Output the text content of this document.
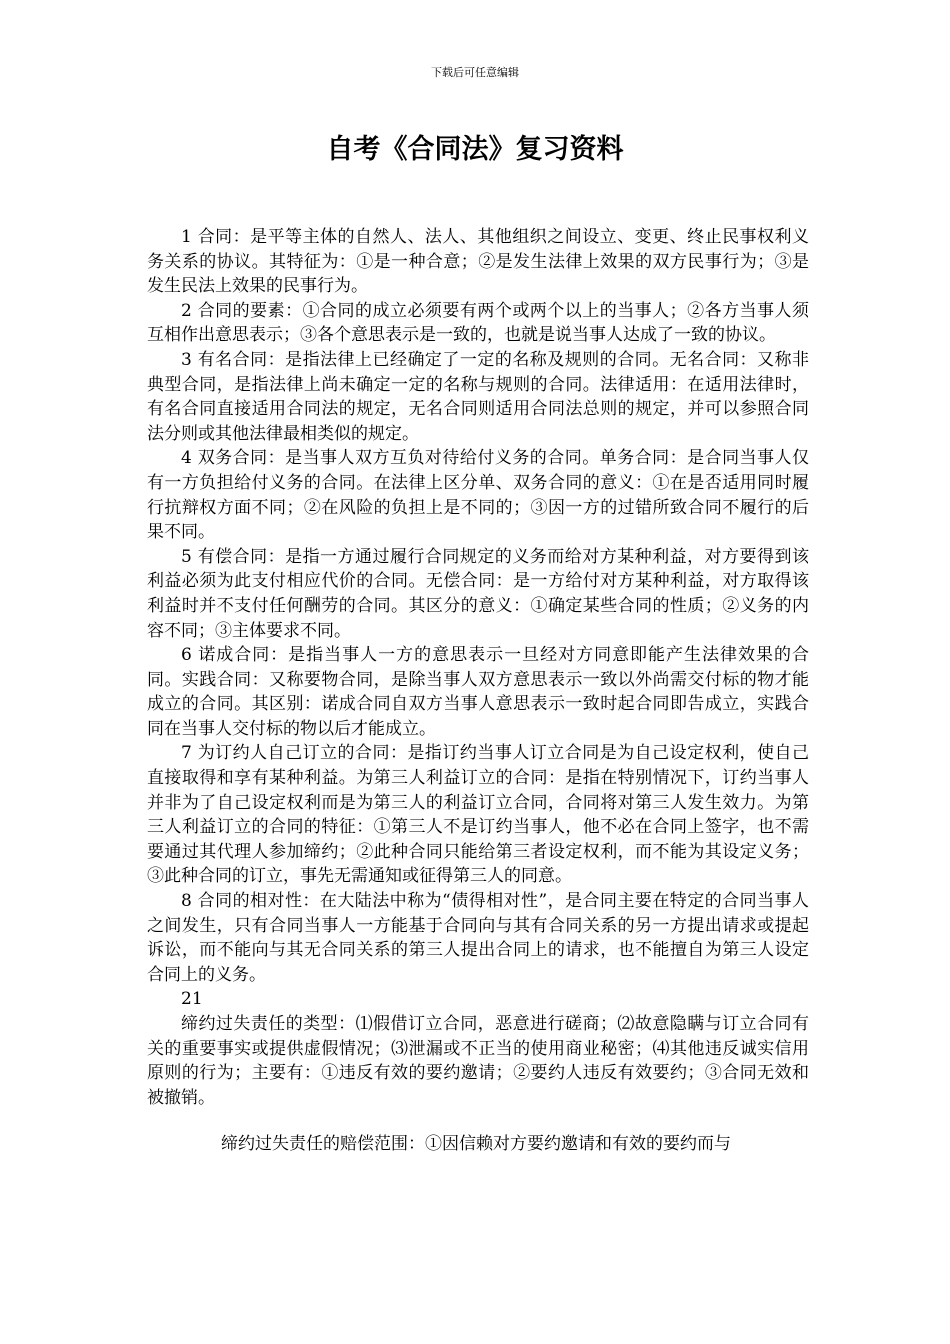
下载后可任意编辑
自考《合同法》复习资料

1 合同：是平等主体的自然人、法人、其他组织之间设立、变更、终止民事权利义务关系的协议。其特征为：①是一种合意；②是发生法律上效果的双方民事行为；③是发生民法上效果的民事行为。

2 合同的要素：①合同的成立必须要有两个或两个以上的当事人；②各方当事人须互相作出意思表示；③各个意思表示是一致的，也就是说当事人达成了一致的协议。

3 有名合同：是指法律上已经确定了一定的名称及规则的合同。无名合同：又称非典型合同，是指法律上尚未确定一定的名称与规则的合同。法律适用：在适用法律时，有名合同直接适用合同法的规定，无名合同则适用合同法总则的规定，并可以参照合同法分则或其他法律最相类似的规定。

4 双务合同：是当事人双方互负对待给付义务的合同。单务合同：是合同当事人仅有一方负担给付义务的合同。在法律上区分单、双务合同的意义：①在是否适用同时履行抗辩权方面不同；②在风险的负担上是不同的；③因一方的过错所致合同不履行的后果不同。

5 有偿合同：是指一方通过履行合同规定的义务而给对方某种利益，对方要得到该利益必须为此支付相应代价的合同。无偿合同：是一方给付对方某种利益，对方取得该利益时并不支付任何酬劳的合同。其区分的意义：①确定某些合同的性质；②义务的内容不同；③主体要求不同。

6 诺成合同：是指当事人一方的意思表示一旦经对方同意即能产生法律效果的合同。实践合同：又称要物合同，是除当事人双方意思表示一致以外尚需交付标的物才能成立的合同。其区别：诺成合同自双方当事人意思表示一致时起合同即告成立，实践合同在当事人交付标的物以后才能成立。

7 为订约人自己订立的合同：是指订约当事人订立合同是为自己设定权利，使自己直接取得和享有某种利益。为第三人利益订立的合同：是指在特别情况下，订约当事人并非为了自己设定权利而是为第三人的利益订立合同，合同将对第三人发生效力。为第三人利益订立的合同的特征：①第三人不是订约当事人，他不必在合同上签字，也不需要通过其代理人参加缔约；②此种合同只能给第三者设定权利，而不能为其设定义务；③此种合同的订立，事先无需通知或征得第三人的同意。

8 合同的相对性：在大陆法中称为“债得相对性”，是合同主要在特定的合同当事人之间发生，只有合同当事人一方能基于合同向与其有合同关系的另一方提出请求或提起诉讼，而不能向与其无合同关系的第三人提出合同上的请求，也不能擅自为第三人设定合同上的义务。

21

缔约过失责任的类型：⑴假借订立合同，恶意进行磋商；⑵故意隐瞒与订立合同有关的重要事实或提供虚假情况；⑶泄漏或不正当的使用商业秘密；⑷其他违反诚实信用原则的行为；主要有：①违反有效的要约邀请；②要约人违反有效要约；③合同无效和被撤销。

缔约过失责任的赔偿范围：①因信赖对方要约邀请和有效的要约而与
